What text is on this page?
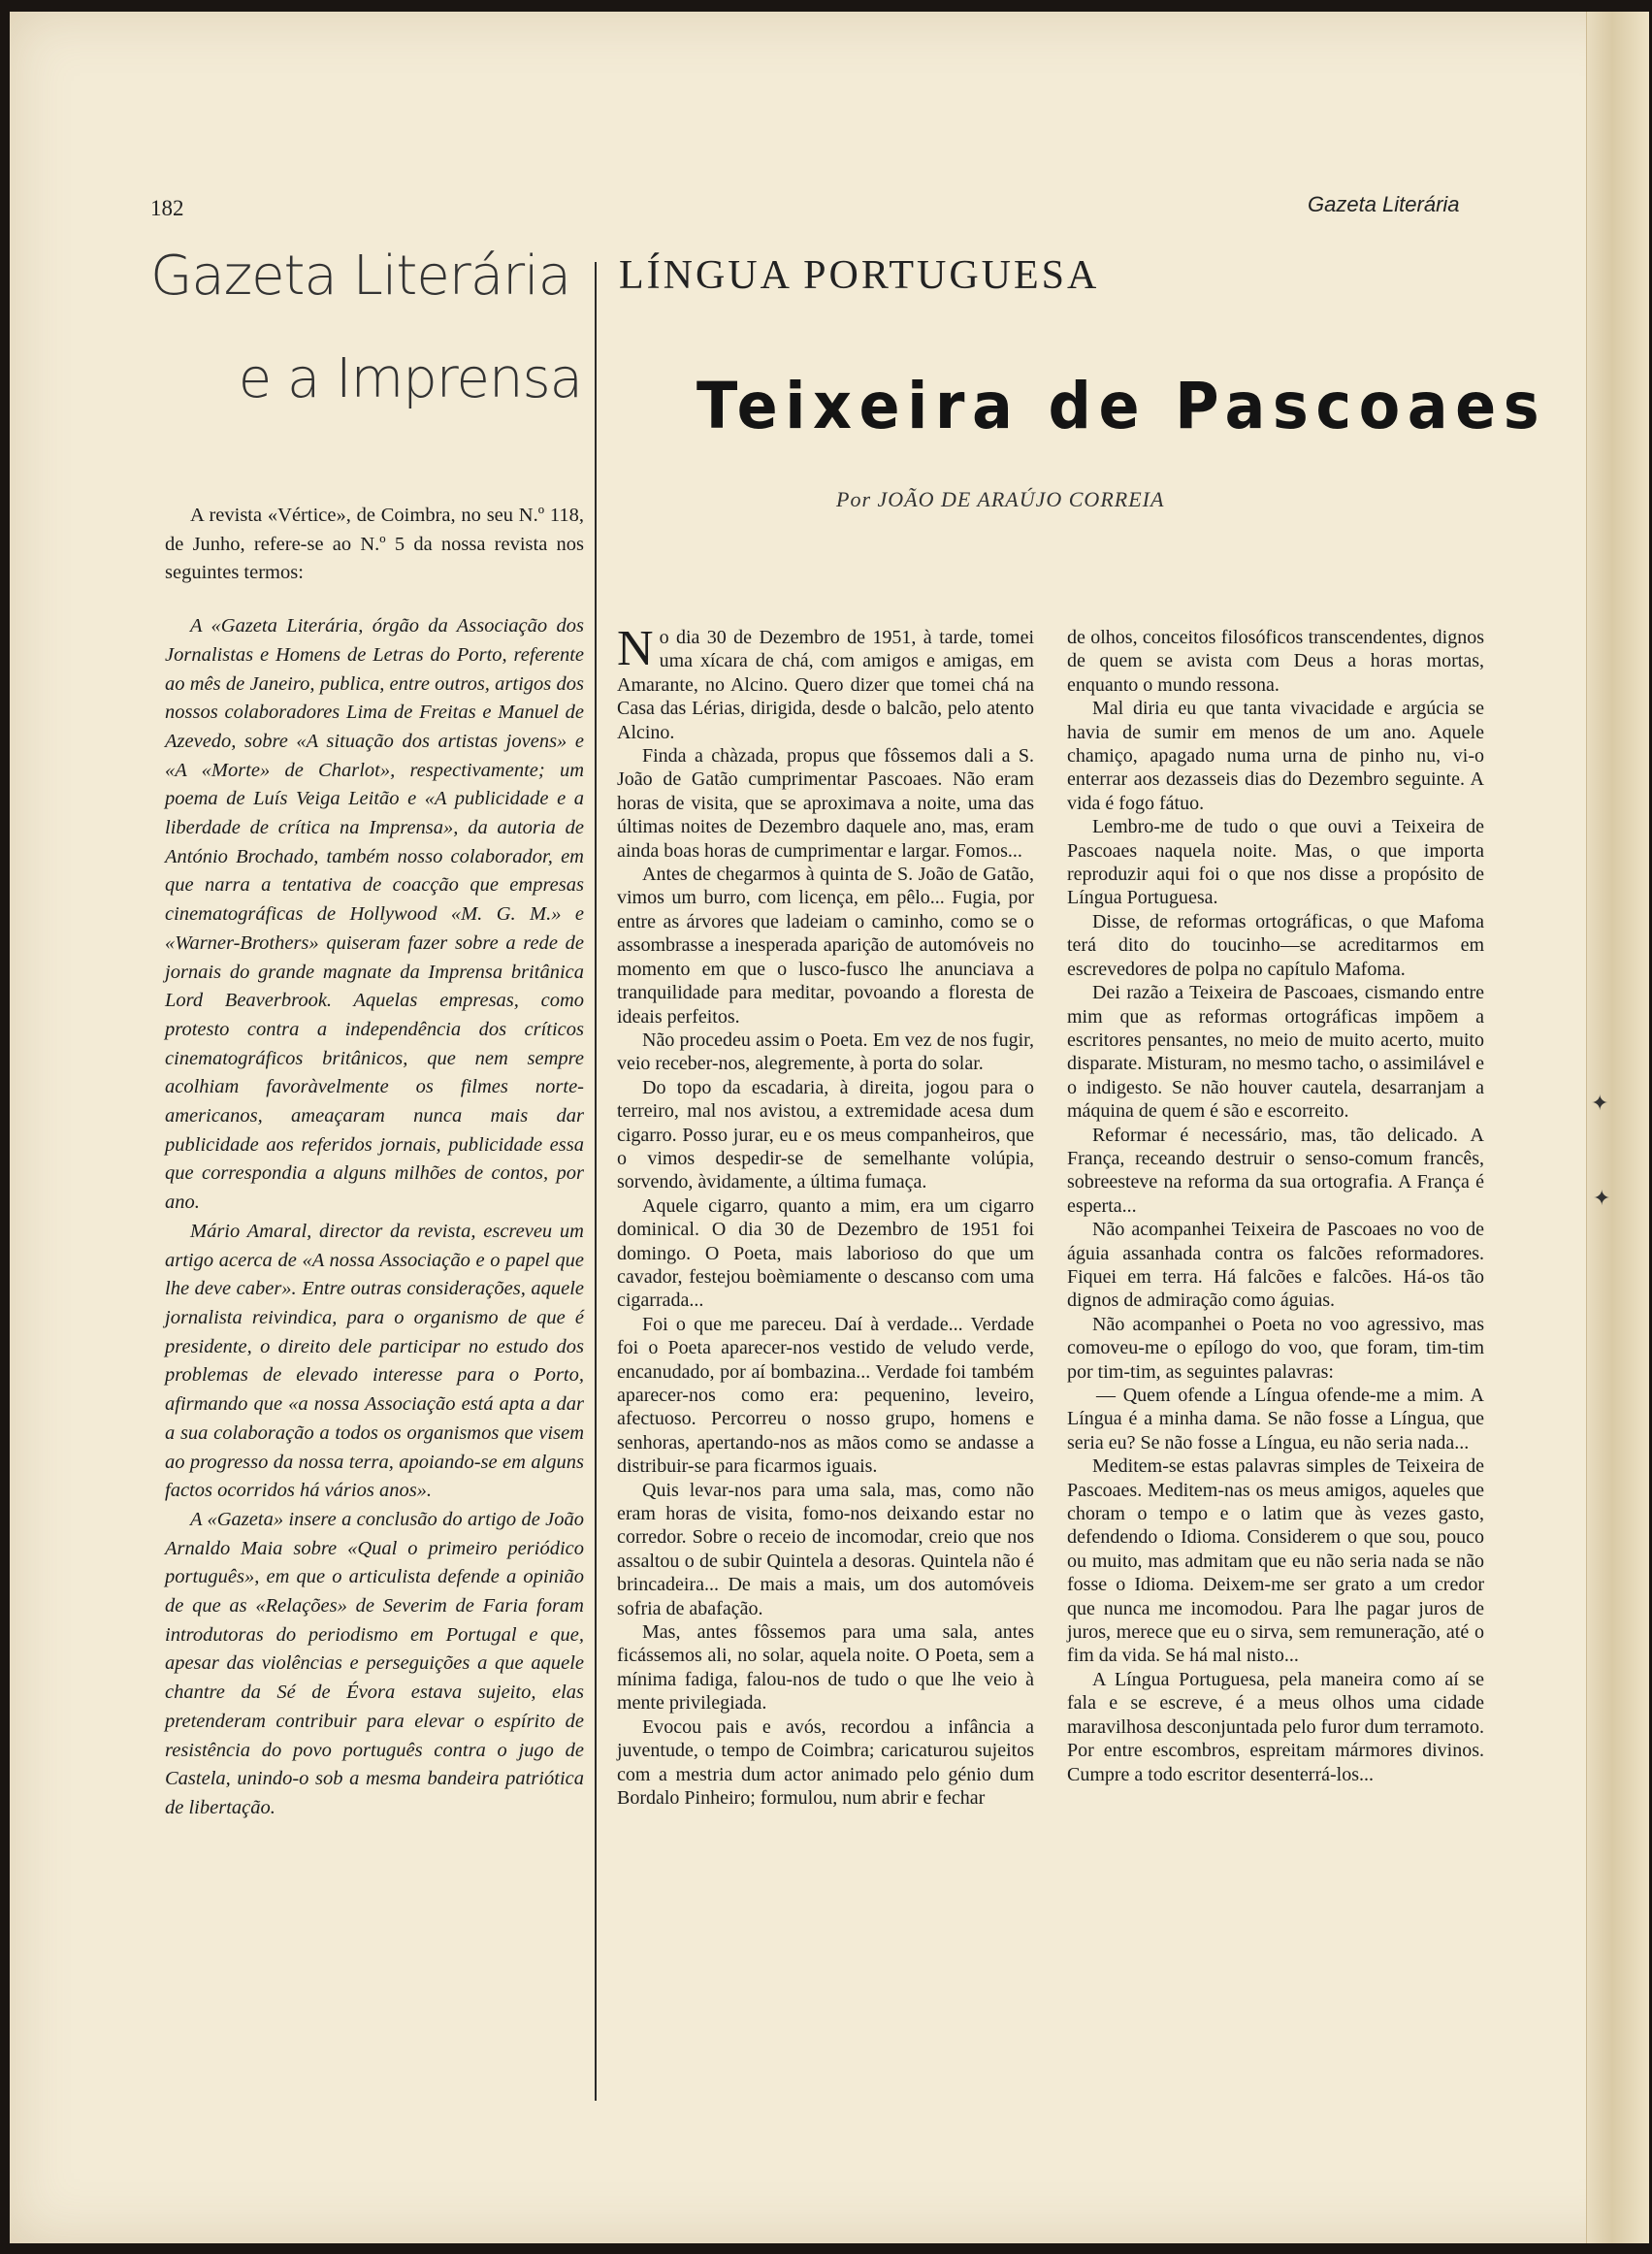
182	Gazeta Literária
Gazeta Literária
e a Imprensa

A revista «Vértice», de Coimbra, no seu N.º 118, de Junho, refere-se ao N.º 5 da nossa revista nos seguintes termos:

A «Gazeta Literária, órgão da Associação dos Jornalistas e Homens de Letras do Porto, referente ao mês de Janeiro, publica, entre outros, artigos dos nossos colaboradores Lima de Freitas e Manuel de Azevedo, sobre «A situação dos artistas jovens» e «A «Morte» de Charlot», respectivamente; um poema de Luís Veiga Leitão e «A publicidade e a liberdade de crítica na Imprensa», da autoria de António Brochado, também nosso colaborador, em que narra a tentativa de coacção que empresas cinematográficas de Hollywood «M. G. M.» e «Warner-Brothers» quiseram fazer sobre a rede de jornais do grande magnate da Imprensa britânica Lord Beaverbrook. Aquelas empresas, como protesto contra a independência dos críticos cinematográficos britânicos, que nem sempre acolhiam favoràvelmente os filmes norte-americanos, ameaçaram nunca mais dar publicidade aos referidos jornais, publicidade essa que correspondia a alguns milhões de contos, por ano.

Mário Amaral, director da revista, escreveu um artigo acerca de «A nossa Associação e o papel que lhe deve caber». Entre outras considerações, aquele jornalista reivindica, para o organismo de que é presidente, o direito dele participar no estudo dos problemas de elevado interesse para o Porto, afirmando que «a nossa Associação está apta a dar a sua colaboração a todos os organismos que visem ao progresso da nossa terra, apoiando-se em alguns factos ocorridos há vários anos».

A «Gazeta» insere a conclusão do artigo de João Arnaldo Maia sobre «Qual o primeiro periódico português», em que o articulista defende a opinião de que as «Relações» de Severim de Faria foram introdutoras do periodismo em Portugal e que, apesar das violências e perseguições a que aquele chantre da Sé de Évora estava sujeito, elas pretenderam contribuir para elevar o espírito de resistência do povo português contra o jugo de Castela, unindo-o sob a mesma bandeira patriótica de libertação.

LÍNGUA PORTUGUESA
Teixeira de Pascoaes
Por JOÃO DE ARAÚJO CORREIA

No dia 30 de Dezembro de 1951, à tarde, tomei uma xícara de chá, com amigos e amigas, em Amarante, no Alcino. Quero dizer que tomei chá na Casa das Lérias, dirigida, desde o balcão, pelo atento Alcino.

Finda a chàzada, propus que fôssemos dali a S. João de Gatão cumprimentar Pascoaes. Não eram horas de visita, que se aproximava a noite, uma das últimas noites de Dezembro daquele ano, mas, eram ainda boas horas de cumprimentar e largar. Fomos...

Antes de chegarmos à quinta de S. João de Gatão, vimos um burro, com licença, em pêlo... Fugia, por entre as árvores que ladeiam o caminho, como se o assombrasse a inesperada aparição de automóveis no momento em que o lusco-fusco lhe anunciava a tranquilidade para meditar, povoando a floresta de ideais perfeitos.

Não procedeu assim o Poeta. Em vez de nos fugir, veio receber-nos, alegremente, à porta do solar.

Do topo da escadaria, à direita, jogou para o terreiro, mal nos avistou, a extremidade acesa dum cigarro. Posso jurar, eu e os meus companheiros, que o vimos despedir-se de semelhante volúpia, sorvendo, àvidamente, a última fumaça.

Aquele cigarro, quanto a mim, era um cigarro dominical. O dia 30 de Dezembro de 1951 foi domingo. O Poeta, mais laborioso do que um cavador, festejou boèmiamente o descanso com uma cigarrada...

Foi o que me pareceu. Daí à verdade... Verdade foi o Poeta aparecer-nos vestido de veludo verde, encanudado, por aí bombazina... Verdade foi também aparecer-nos como era: pequenino, leveiro, afectuoso. Percorreu o nosso grupo, homens e senhoras, apertando-nos as mãos como se andasse a distribuir-se para ficarmos iguais.

Quis levar-nos para uma sala, mas, como não eram horas de visita, fomo-nos deixando estar no corredor. Sobre o receio de incomodar, creio que nos assaltou o de subir Quintela a desoras. Quintela não é brincadeira... De mais a mais, um dos automóveis sofria de abafação.

Mas, antes fôssemos para uma sala, antes ficássemos ali, no solar, aquela noite. O Poeta, sem a mínima fadiga, falou-nos de tudo o que lhe veio à mente privilegiada.

Evocou pais e avós, recordou a infância a juventude, o tempo de Coimbra; caricaturou sujeitos com a mestria dum actor animado pelo génio dum Bordalo Pinheiro; formulou, num abrir e fechar

de olhos, conceitos filosóficos transcendentes, dignos de quem se avista com Deus a horas mortas, enquanto o mundo ressona.

Mal diria eu que tanta vivacidade e argúcia se havia de sumir em menos de um ano. Aquele chamiço, apagado numa urna de pinho nu, vi-o enterrar aos dezasseis dias do Dezembro seguinte. A vida é fogo fátuo.

Lembro-me de tudo o que ouvi a Teixeira de Pascoaes naquela noite. Mas, o que importa reproduzir aqui foi o que nos disse a propósito de Língua Portuguesa.

Disse, de reformas ortográficas, o que Mafoma terá dito do toucinho—se acreditarmos em escrevedores de polpa no capítulo Mafoma.

Dei razão a Teixeira de Pascoaes, cismando entre mim que as reformas ortográficas impõem a escritores pensantes, no meio de muito acerto, muito disparate. Misturam, no mesmo tacho, o assimilável e o indigesto. Se não houver cautela, desarranjam a máquina de quem é são e escorreito.

Reformar é necessário, mas, tão delicado. A França, receando destruir o senso-comum francês, sobreesteve na reforma da sua ortografia. A França é esperta...

Não acompanhei Teixeira de Pascoaes no voo de águia assanhada contra os falcões reformadores. Fiquei em terra. Há falcões e falcões. Há-os tão dignos de admiração como águias.

Não acompanhei o Poeta no voo agressivo, mas comoveu-me o epílogo do voo, que foram, tim-tim por tim-tim, as seguintes palavras:

— Quem ofende a Língua ofende-me a mim. A Língua é a minha dama. Se não fosse a Língua, que seria eu? Se não fosse a Língua, eu não seria nada...

Meditem-se estas palavras simples de Teixeira de Pascoaes. Meditem-nas os meus amigos, aqueles que choram o tempo e o latim que às vezes gasto, defendendo o Idioma. Considerem o que sou, pouco ou muito, mas admitam que eu não seria nada se não fosse o Idioma. Deixem-me ser grato a um credor que nunca me incomodou. Para lhe pagar juros de juros, merece que eu o sirva, sem remuneração, até o fim da vida. Se há mal nisto...

A Língua Portuguesa, pela maneira como aí se fala e se escreve, é a meus olhos uma cidade maravilhosa desconjuntada pelo furor dum terramoto. Por entre escombros, espreitam mármores divinos. Cumpre a todo escritor desenterrá-los...

✦
✦
